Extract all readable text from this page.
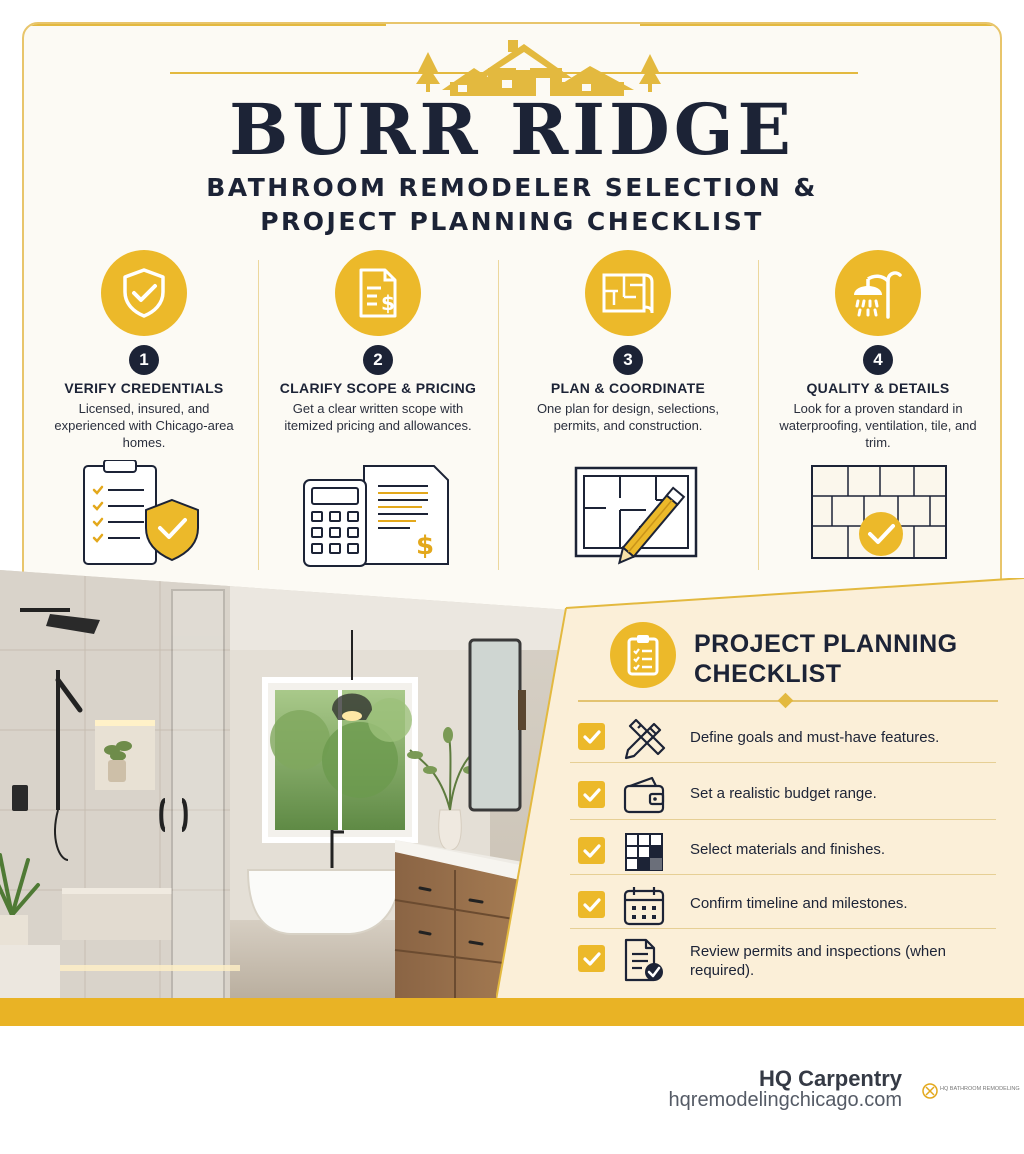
BURR RIDGE
BATHROOM REMODELER SELECTION &
PROJECT PLANNING CHECKLIST
1
VERIFY CREDENTIALS
Licensed, insured, and experienced with Chicago-area homes.
$
2
CLARIFY SCOPE & PRICING
Get a clear written scope with itemized pricing and allowances.
$
3
PLAN & COORDINATE
One plan for design, selections, permits, and construction.
4
QUALITY & DETAILS
Look for a proven standard in waterproofing, ventilation, tile, and trim.
PROJECT PLANNING
CHECKLIST
Define goals and must-have features.
Set a realistic budget range.
Select materials and finishes.
Confirm timeline and milestones.
Review permits and inspections (when required).
HQ Carpentry
hqremodelingchicago.com	HQ BATHROOM REMODELING
